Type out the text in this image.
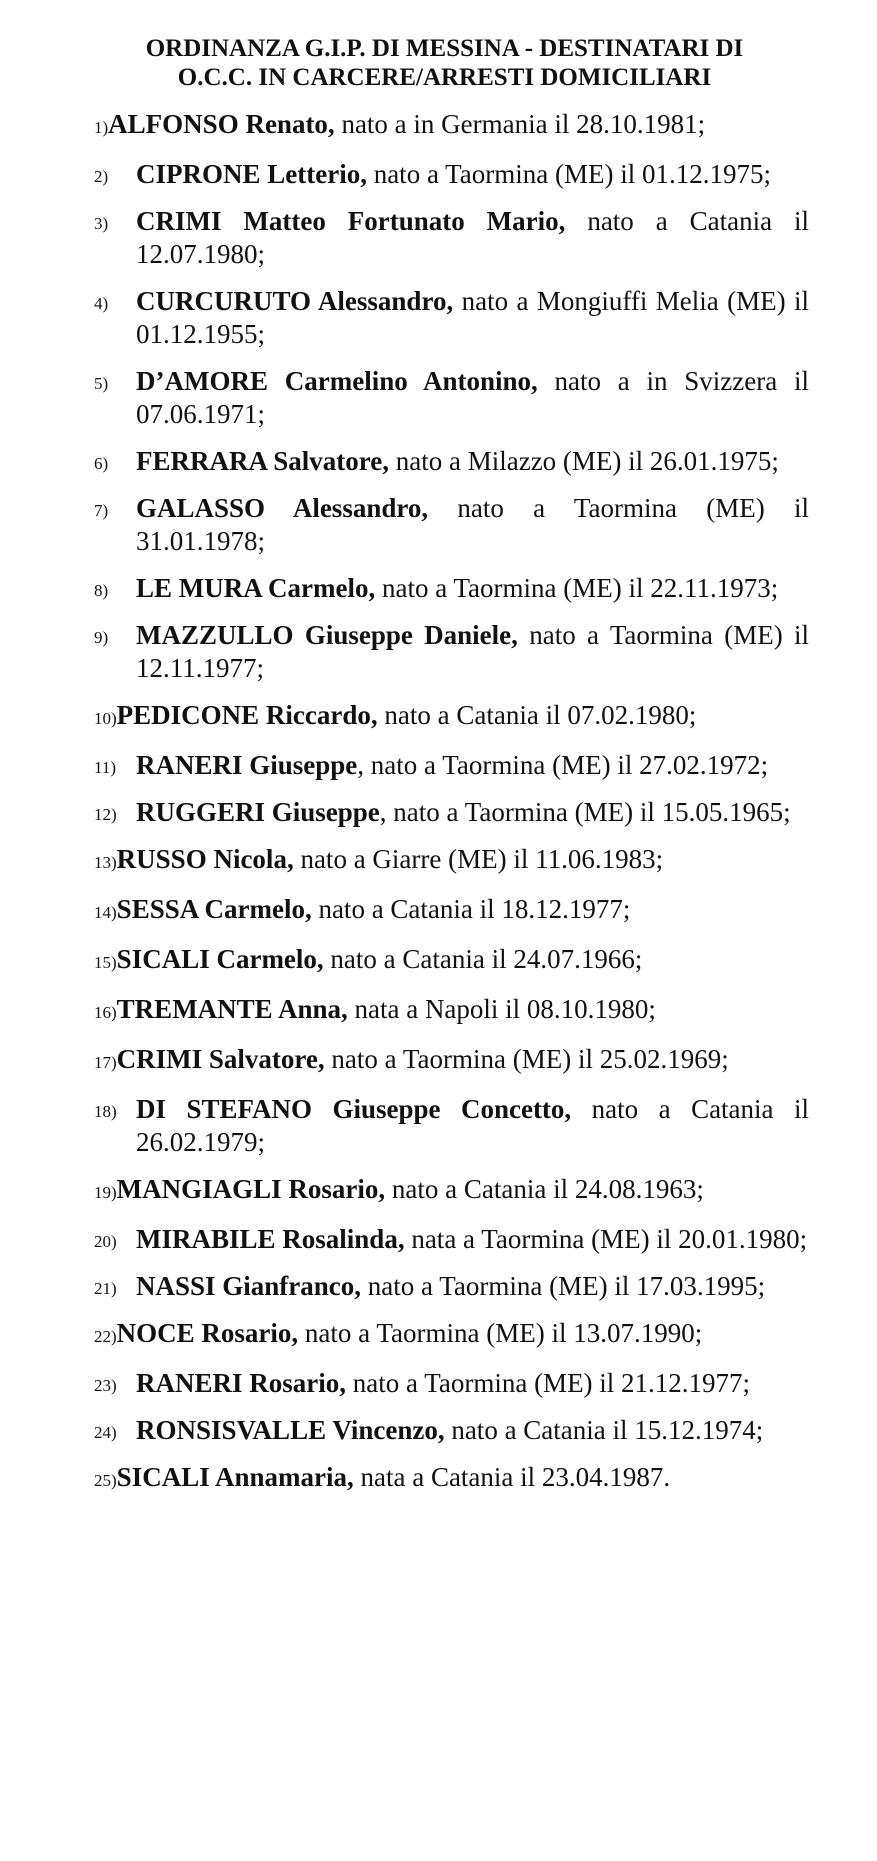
ORDINANZA G.I.P. DI MESSINA - DESTINATARI DI
O.C.C. IN CARCERE/ARRESTI DOMICILIARI
1)ALFONSO Renato, nato a in Germania il 28.10.1981;
2) CIPRONE Letterio, nato a Taormina (ME) il 01.12.1975;
3) CRIMI Matteo Fortunato Mario, nato a Catania il 12.07.1980;
4) CURCURUTO Alessandro, nato a Mongiuffi Melia (ME) il 01.12.1955;
5) D’AMORE Carmelino Antonino, nato a in Svizzera il 07.06.1971;
6) FERRARA Salvatore, nato a Milazzo (ME) il 26.01.1975;
7) GALASSO Alessandro, nato a Taormina (ME) il 31.01.1978;
8) LE MURA Carmelo, nato a Taormina (ME) il 22.11.1973;
9) MAZZULLO Giuseppe Daniele, nato a Taormina (ME) il 12.11.1977;
10)PEDICONE Riccardo, nato a Catania il 07.02.1980;
11) RANERI Giuseppe, nato a Taormina (ME) il 27.02.1972;
12) RUGGERI Giuseppe, nato a Taormina (ME) il 15.05.1965;
13)RUSSO Nicola, nato a Giarre (ME) il 11.06.1983;
14)SESSA Carmelo, nato a Catania il 18.12.1977;
15)SICALI Carmelo, nato a Catania il 24.07.1966;
16)TREMANTE Anna, nata a Napoli il 08.10.1980;
17)CRIMI Salvatore, nato a Taormina (ME) il 25.02.1969;
18) DI STEFANO Giuseppe Concetto, nato a Catania il 26.02.1979;
19)MANGIAGLI Rosario, nato a Catania il 24.08.1963;
20) MIRABILE Rosalinda, nata a Taormina (ME) il 20.01.1980;
21) NASSI Gianfranco, nato a Taormina (ME) il 17.03.1995;
22)NOCE Rosario, nato a Taormina (ME) il 13.07.1990;
23) RANERI Rosario, nato a Taormina (ME) il 21.12.1977;
24) RONSISVALLE Vincenzo, nato a Catania il 15.12.1974;
25)SICALI Annamaria, nata a Catania il 23.04.1987.
